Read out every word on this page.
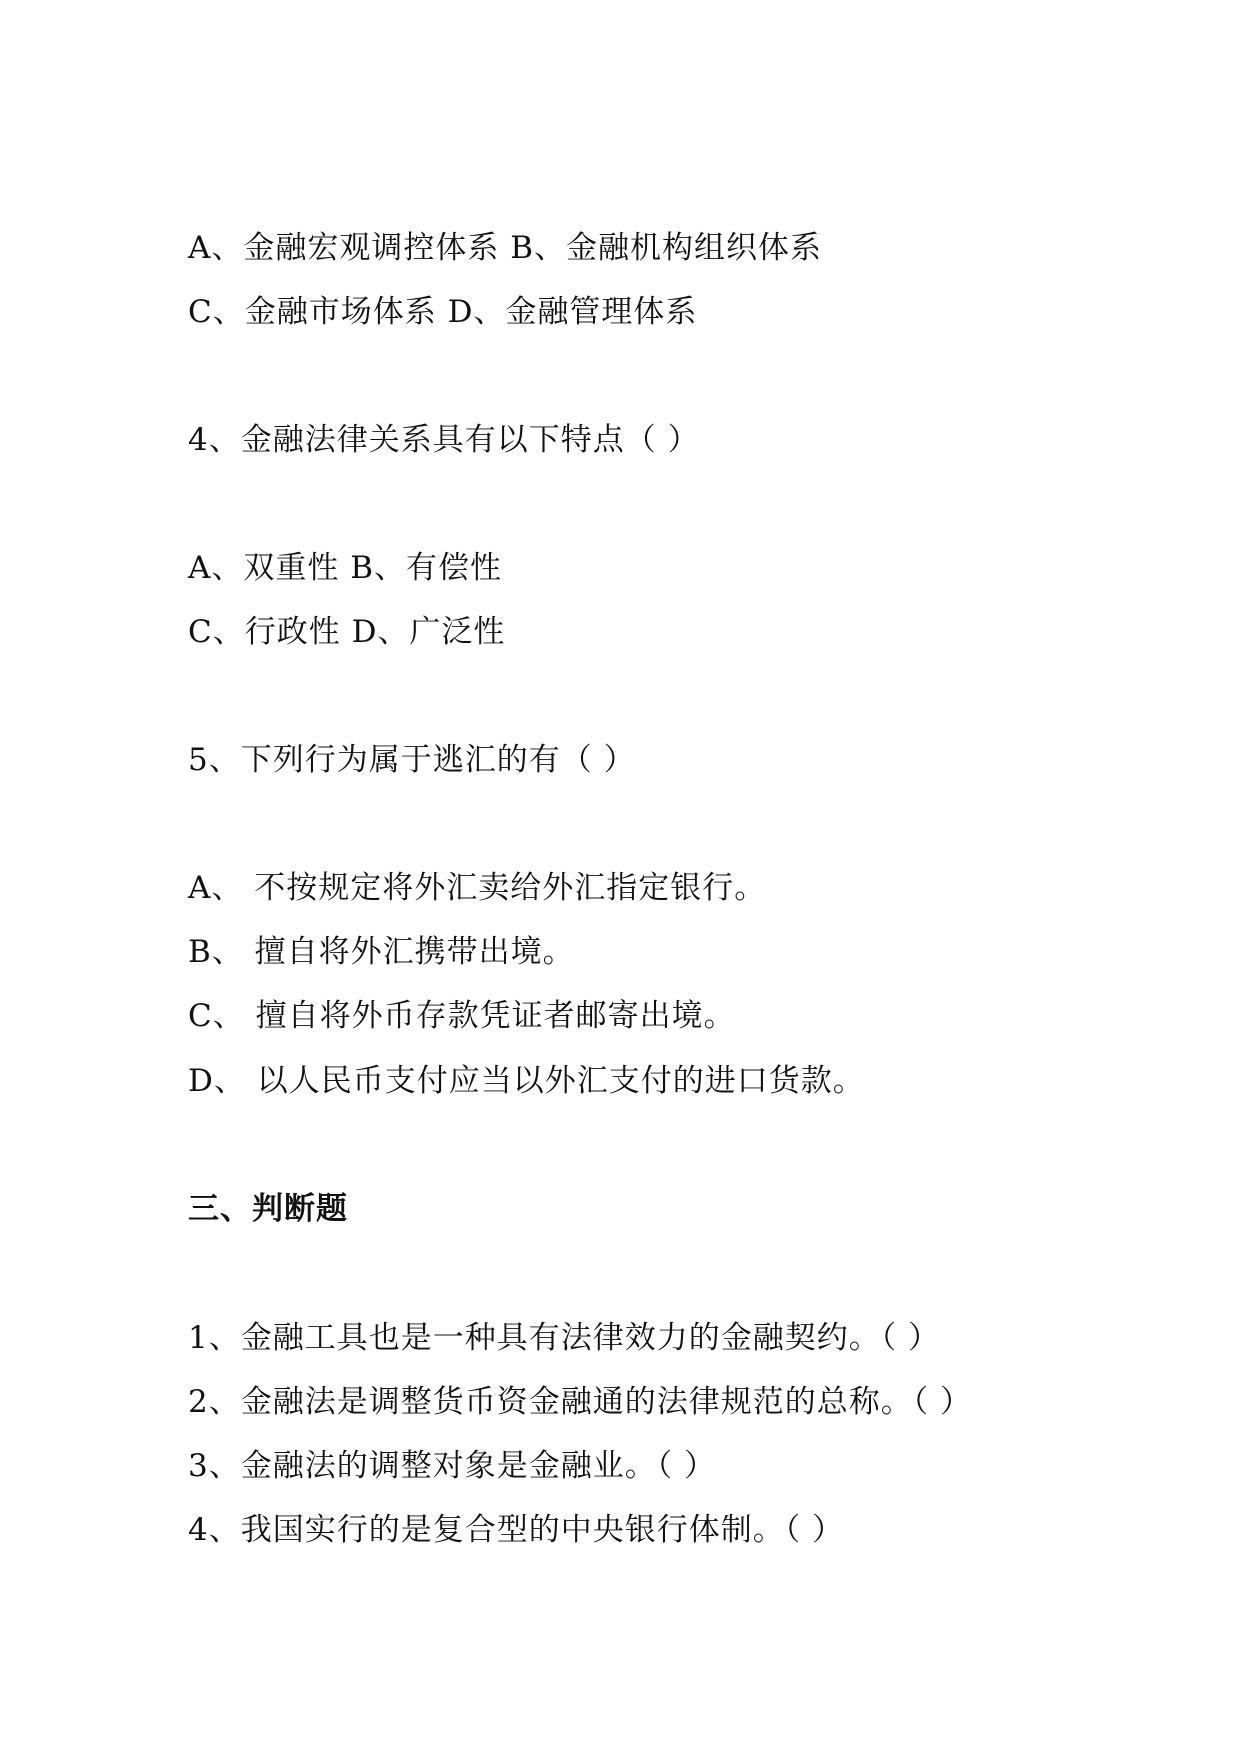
A、金融宏观调控体系 B、金融机构组织体系
C、金融市场体系 D、金融管理体系
4、金融法律关系具有以下特点（ ）
A、双重性 B、有偿性
C、行政性 D、广泛性
5、下列行为属于逃汇的有（ ）
A、 不按规定将外汇卖给外汇指定银行。
B、 擅自将外汇携带出境。
C、 擅自将外币存款凭证者邮寄出境。
D、 以人民币支付应当以外汇支付的进口货款。
三、判断题
1、金融工具也是一种具有法律效力的金融契约。（ ）
2、金融法是调整货币资金融通的法律规范的总称。（ ）
3、金融法的调整对象是金融业。（ ）
4、我国实行的是复合型的中央银行体制。（ ）
